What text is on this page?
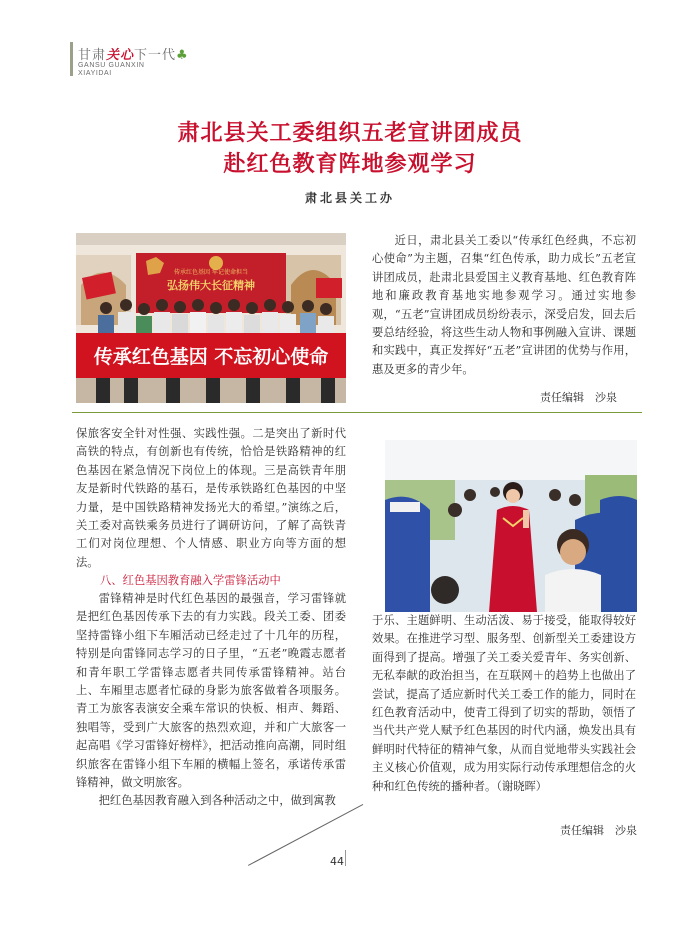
甘肃关心下一代♣
GANSU GUANXIN
XIAYIDAI
肃北县关工委组织五老宣讲团成员
赴红色教育阵地参观学习
肃北县关工办
弘扬伟大长征精神
传承红色基因 牢记使命担当
传承红色基因 不忘初心使命
近日，肃北县关工委以“传承红色经典，不忘初心使命”为主题，召集“红色传承，助力成长”五老宣讲团成员，赴肃北县爱国主义教育基地、红色教育阵地和廉政教育基地实地参观学习。通过实地参观，“五老”宣讲团成员纷纷表示，深受启发，回去后要总结经验，将这些生动人物和事例融入宣讲、课题和实践中，真正发挥好“五老”宣讲团的优势与作用，惠及更多的青少年。
责任编辑　沙泉

保旅客安全针对性强、实践性强。二是突出了新时代高铁的特点，有创新也有传统，恰恰是铁路精神的红色基因在紧急情况下岗位上的体现。三是高铁青年朋友是新时代铁路的基石，是传承铁路红色基因的中坚力量，是中国铁路精神发扬光大的希望。”演练之后，关工委对高铁乘务员进行了调研访问，了解了高铁青工们对岗位理想、个人情感、职业方向等方面的想法。

八、红色基因教育融入学雷锋活动中

雷锋精神是时代红色基因的最强音，学习雷锋就是把红色基因传承下去的有力实践。段关工委、团委坚持雷锋小组下车厢活动已经走过了十几年的历程，特别是向雷锋同志学习的日子里，“五老”晚霞志愿者和青年职工学雷锋志愿者共同传承雷锋精神。站台上、车厢里志愿者忙碌的身影为旅客做着各项服务。青工为旅客表演安全乘车常识的快板、相声、舞蹈、独唱等，受到广大旅客的热烈欢迎，并和广大旅客一起高唱《学习雷锋好榜样》，把活动推向高潮，同时组织旅客在雷锋小组下车厢的横幅上签名，承诺传承雷锋精神，做文明旅客。

把红色基因教育融入到各种活动之中，做到寓教

于乐、主题鲜明、生动活泼、易于接受，能取得较好效果。在推进学习型、服务型、创新型关工委建设方面得到了提高。增强了关工委关爱青年、务实创新、无私奉献的政治担当，在互联网＋的趋势上也做出了尝试，提高了适应新时代关工委工作的能力，同时在红色教育活动中，使青工得到了切实的帮助，领悟了当代共产党人赋予红色基因的时代内涵，焕发出具有鲜明时代特征的精神气象，从而自觉地带头实践社会主义核心价值观，成为用实际行动传承理想信念的火种和红色传统的播种者。（谢晓晖）
责任编辑　沙泉
44
